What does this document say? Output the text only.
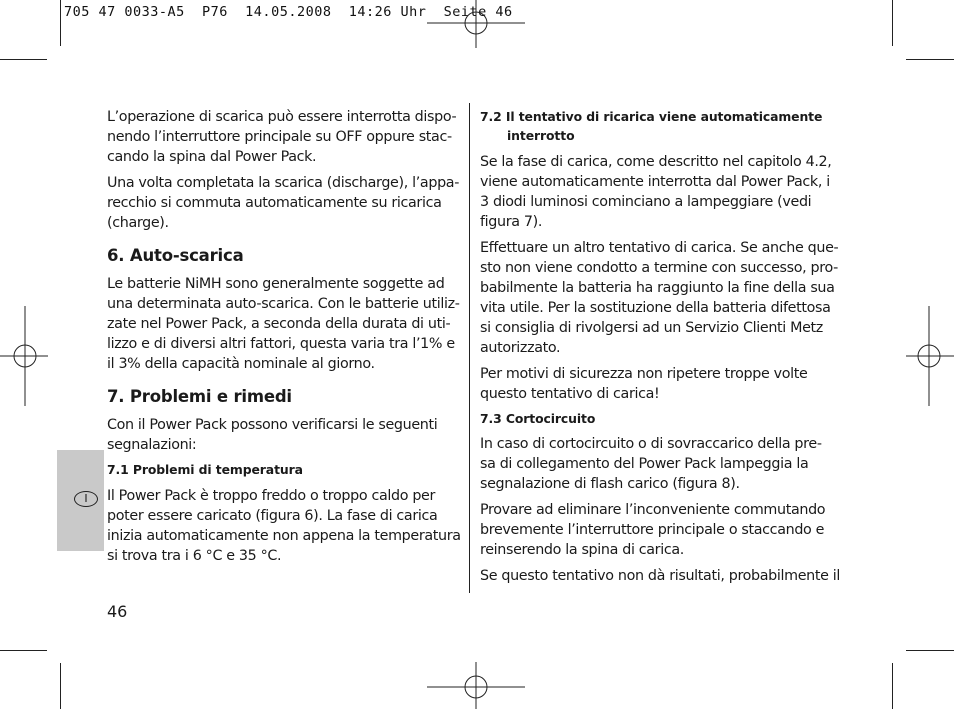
705 47 0033-A5  P76  14.05.2008  14:26 Uhr  Seite 46
I

L’operazione di scarica può essere interrotta dispo-
nendo l’interruttore principale su OFF oppure stac-
cando la spina dal Power Pack.

Una volta completata la scarica (discharge), l’appa-
recchio si commuta automaticamente su ricarica
(charge).

6. Auto-scarica

Le batterie NiMH sono generalmente soggette ad
una determinata auto-scarica. Con le batterie utiliz-
zate nel Power Pack, a seconda della durata di uti-
lizzo e di diversi altri fattori, questa varia tra l’1% e
il 3% della capacità nominale al giorno.

7. Problemi e rimedi

Con il Power Pack possono verificarsi le seguenti
segnalazioni:

7.1 Problemi di temperatura

Il Power Pack è troppo freddo o troppo caldo per
poter essere caricato (figura 6). La fase di carica
inizia automaticamente non appena la temperatura
si trova tra i 6 °C e 35 °C.

7.2 Il tentativo di ricarica viene automaticamente
interrotto

Se la fase di carica, come descritto nel capitolo 4.2,
viene automaticamente interrotta dal Power Pack, i
3 diodi luminosi cominciano a lampeggiare (vedi
figura 7).

Effettuare un altro tentativo di carica. Se anche que-
sto non viene condotto a termine con successo, pro-
babilmente la batteria ha raggiunto la fine della sua
vita utile. Per la sostituzione della batteria difettosa
si consiglia di rivolgersi ad un Servizio Clienti Metz
autorizzato.

Per motivi di sicurezza non ripetere troppe volte
questo tentativo di carica!

7.3 Cortocircuito

In caso di cortocircuito o di sovraccarico della pre-
sa di collegamento del Power Pack lampeggia la
segnalazione di flash carico (figura 8).

Provare ad eliminare l’inconveniente commutando
brevemente l’interruttore principale o staccando e
reinserendo la spina di carica.

Se questo tentativo non dà risultati, probabilmente il

46
